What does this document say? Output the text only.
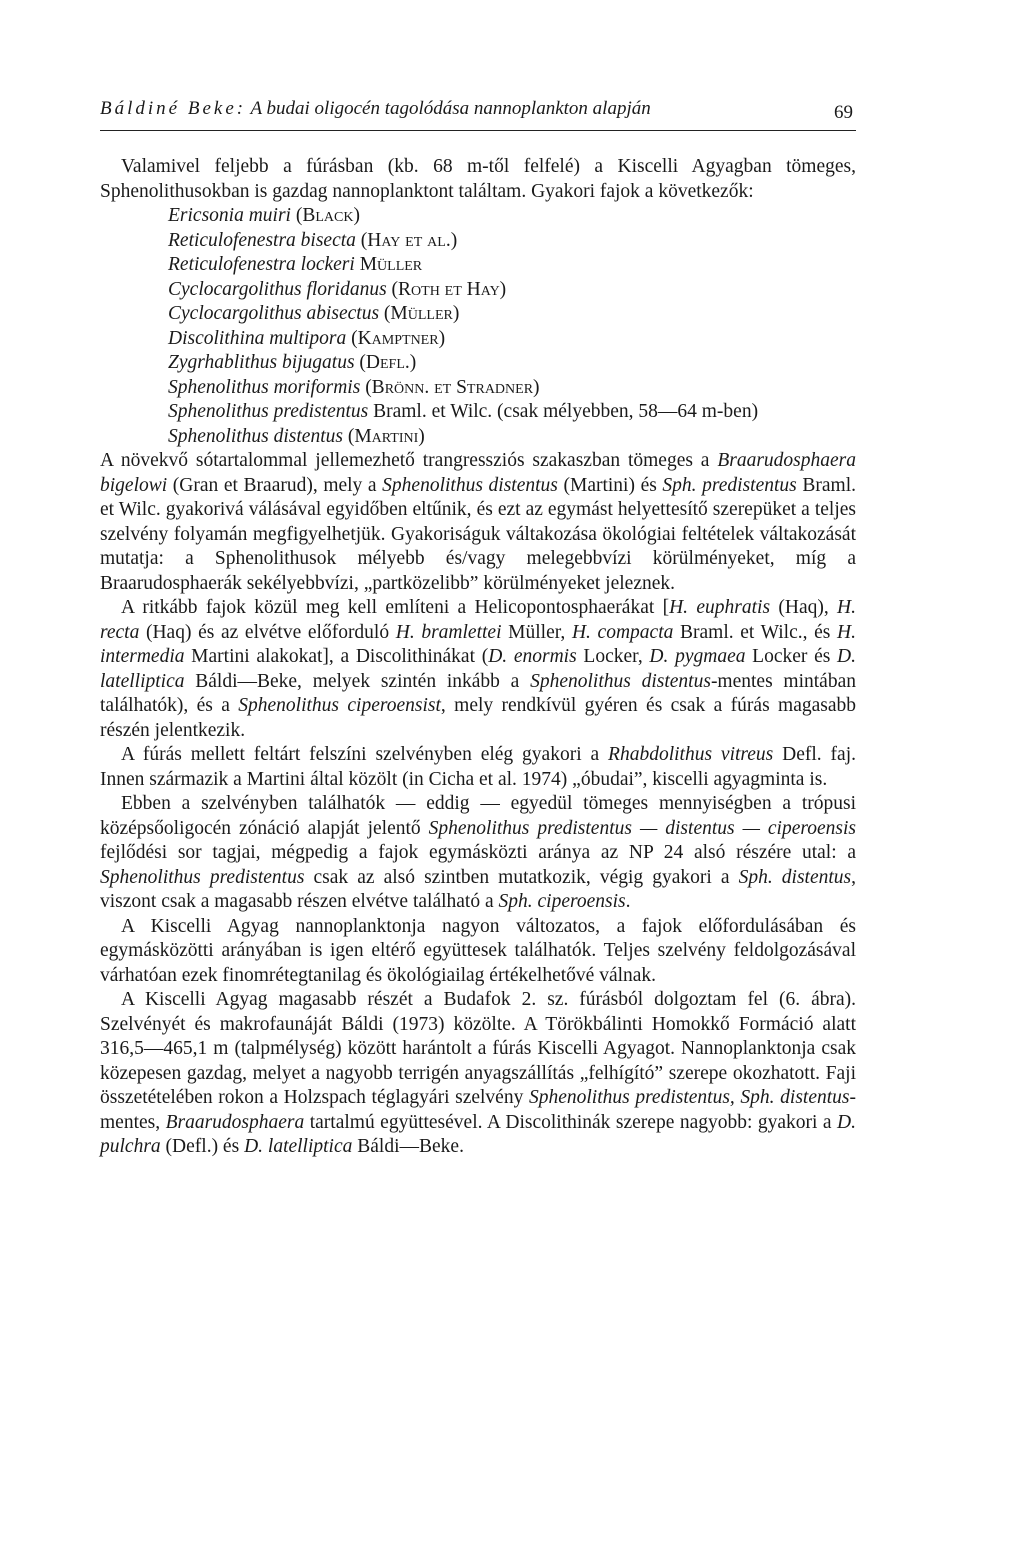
Báldiné Beke: A budai oligocén tagolódása nannoplankton alapján	69

Valamivel feljebb a fúrásban (kb. 68 m-től felfelé) a Kiscelli Agyagban tömeges, Sphenolithusokban is gazdag nannoplanktont találtam. Gyakori fajok a következők:

Ericsonia muiri (Black)
Reticulofenestra bisecta (Hay et al.)
Reticulofenestra lockeri Müller
Cyclocargolithus floridanus (Roth et Hay)
Cyclocargolithus abisectus (Müller)
Discolithina multipora (Kamptner)
Zygrhablithus bijugatus (Defl.)
Sphenolithus moriformis (Brönn. et Stradner)
Sphenolithus predistentus Braml. et Wilc. (csak mélyebben, 58—64 m-ben)
Sphenolithus distentus (Martini)

A növekvő sótartalommal jellemezhető trangressziós szakaszban tömeges a Braarudosphaera bigelowi (Gran et Braarud), mely a Sphenolithus distentus (Martini) és Sph. predistentus Braml. et Wilc. gyakorivá válásával egyidőben eltűnik, és ezt az egymást helyettesítő szerepüket a teljes szelvény folyamán megfigyelhetjük. Gyakoriságuk váltakozása ökológiai feltételek váltakozását mutatja: a Sphenolithusok mélyebb és/vagy melegebbvízi körülményeket, míg a Braarudosphaerák sekélyebbvízi, „partközelibb” körülményeket jeleznek.

A ritkább fajok közül meg kell említeni a Helicopontosphaerákat [H. euphratis (Haq), H. recta (Haq) és az elvétve előforduló H. bramlettei Müller, H. compacta Braml. et Wilc., és H. intermedia Martini alakokat], a Discolithinákat (D. enormis Locker, D. pygmaea Locker és D. latelliptica Báldi—Beke, melyek szintén inkább a Sphenolithus distentus-mentes mintában találhatók), és a Sphenolithus ciperoensist, mely rendkívül gyéren és csak a fúrás magasabb részén jelentkezik.

A fúrás mellett feltárt felszíni szelvényben elég gyakori a Rhabdolithus vitreus Defl. faj. Innen származik a Martini által közölt (in Cicha et al. 1974) „óbudai”, kiscelli agyagminta is.

Ebben a szelvényben találhatók — eddig — egyedül tömeges mennyiségben a trópusi középsőoligocén zónáció alapját jelentő Sphenolithus predistentus — distentus — ciperoensis fejlődési sor tagjai, mégpedig a fajok egymásközti aránya az NP 24 alsó részére utal: a Sphenolithus predistentus csak az alsó szintben mutatkozik, végig gyakori a Sph. distentus, viszont csak a magasabb részen elvétve található a Sph. ciperoensis.

A Kiscelli Agyag nannoplanktonja nagyon változatos, a fajok előfordulásában és egymásközötti arányában is igen eltérő együttesek találhatók. Teljes szelvény feldolgozásával várhatóan ezek finomrétegtanilag és ökológiailag értékelhetővé válnak.

A Kiscelli Agyag magasabb részét a Budafok 2. sz. fúrásból dolgoztam fel (6. ábra). Szelvényét és makrofaunáját Báldi (1973) közölte. A Törökbálinti Homokkő Formáció alatt 316,5—465,1 m (talpmélység) között harántolt a fúrás Kiscelli Agyagot. Nannoplanktonja csak közepesen gazdag, melyet a nagyobb terrigén anyagszállítás „felhígító” szerepe okozhatott. Faji összetételében rokon a Holzspach téglagyári szelvény Sphenolithus predistentus, Sph. distentus-mentes, Braarudosphaera tartalmú együttesével. A Discolithinák szerepe nagyobb: gyakori a D. pulchra (Defl.) és D. latelliptica Báldi—Beke.
